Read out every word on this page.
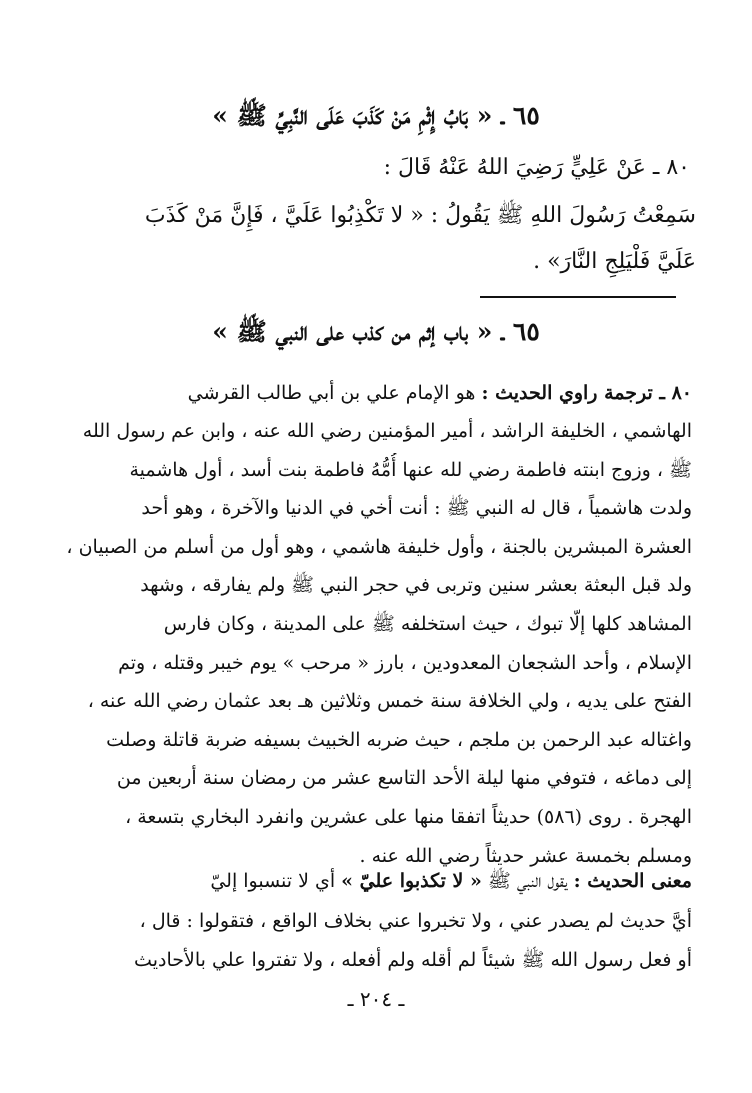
٦٥ ـ « بَابُ إِثْمِ مَنْ كَذَبَ عَلَى النَّبِيِّ ﷺ »
٨٠ ـ عَنْ عَلِيٍّ رَضِيَ اللهُ عَنْهُ قَالَ :
سَمِعْتُ رَسُولَ اللهِ ﷺ يَقُولُ : « لا تَكْذِبُوا عَلَيَّ ، فَإِنَّ مَنْ كَذَبَ
عَلَيَّ فَلْيَلِجِ النَّارَ» .
٦٥ ـ « باب إثم من كذب على النبي ﷺ »
٨٠ ـ ترجمة راوي الحديث : هو الإمام علي بن أبي طالب القرشي
الهاشمي ، الخليفة الراشد ، أمير المؤمنين رضي الله عنه ، وابن عم رسول الله
ﷺ ، وزوج ابنته فاطمة رضي لله عنها أُمُّهُ فاطمة بنت أسد ، أول هاشمية
ولدت هاشمياً ، قال له النبي ﷺ : أنت أخي في الدنيا والآخرة ، وهو أحد
العشرة المبشرين بالجنة ، وأول خليفة هاشمي ، وهو أول من أسلم من الصبيان ،
ولد قبل البعثة بعشر سنين وتربى في حجر النبي ﷺ ولم يفارقه ، وشهد
المشاهد كلها إلّا تبوك ، حيث استخلفه ﷺ على المدينة ، وكان فارس
الإسلام ، وأحد الشجعان المعدودين ، بارز « مرحب » يوم خيبر وقتله ، وتم
الفتح على يديه ، ولي الخلافة سنة خمس وثلاثين هـ بعد عثمان رضي الله عنه ،
واغتاله عبد الرحمن بن ملجم ، حيث ضربه الخبيث بسيفه ضربة قاتلة وصلت
إلى دماغه ، فتوفي منها ليلة الأحد التاسع عشر من رمضان سنة أربعين من
الهجرة . روى (٥٨٦) حديثاً اتفقا منها على عشرين وانفرد البخاري بتسعة ،
ومسلم بخمسة عشر حديثاً رضي الله عنه .
معنى الحديث : يقول النبي ﷺ « لا تكذبوا عليّ » أي لا تنسبوا إليّ
أيَّ حديث لم يصدر عني ، ولا تخبروا عني بخلاف الواقع ، فتقولوا : قال ،
أو فعل رسول الله ﷺ شيئاً لم أقله ولم أفعله ، ولا تفتروا علي بالأحاديث
ـ ٢٠٤ ـ
